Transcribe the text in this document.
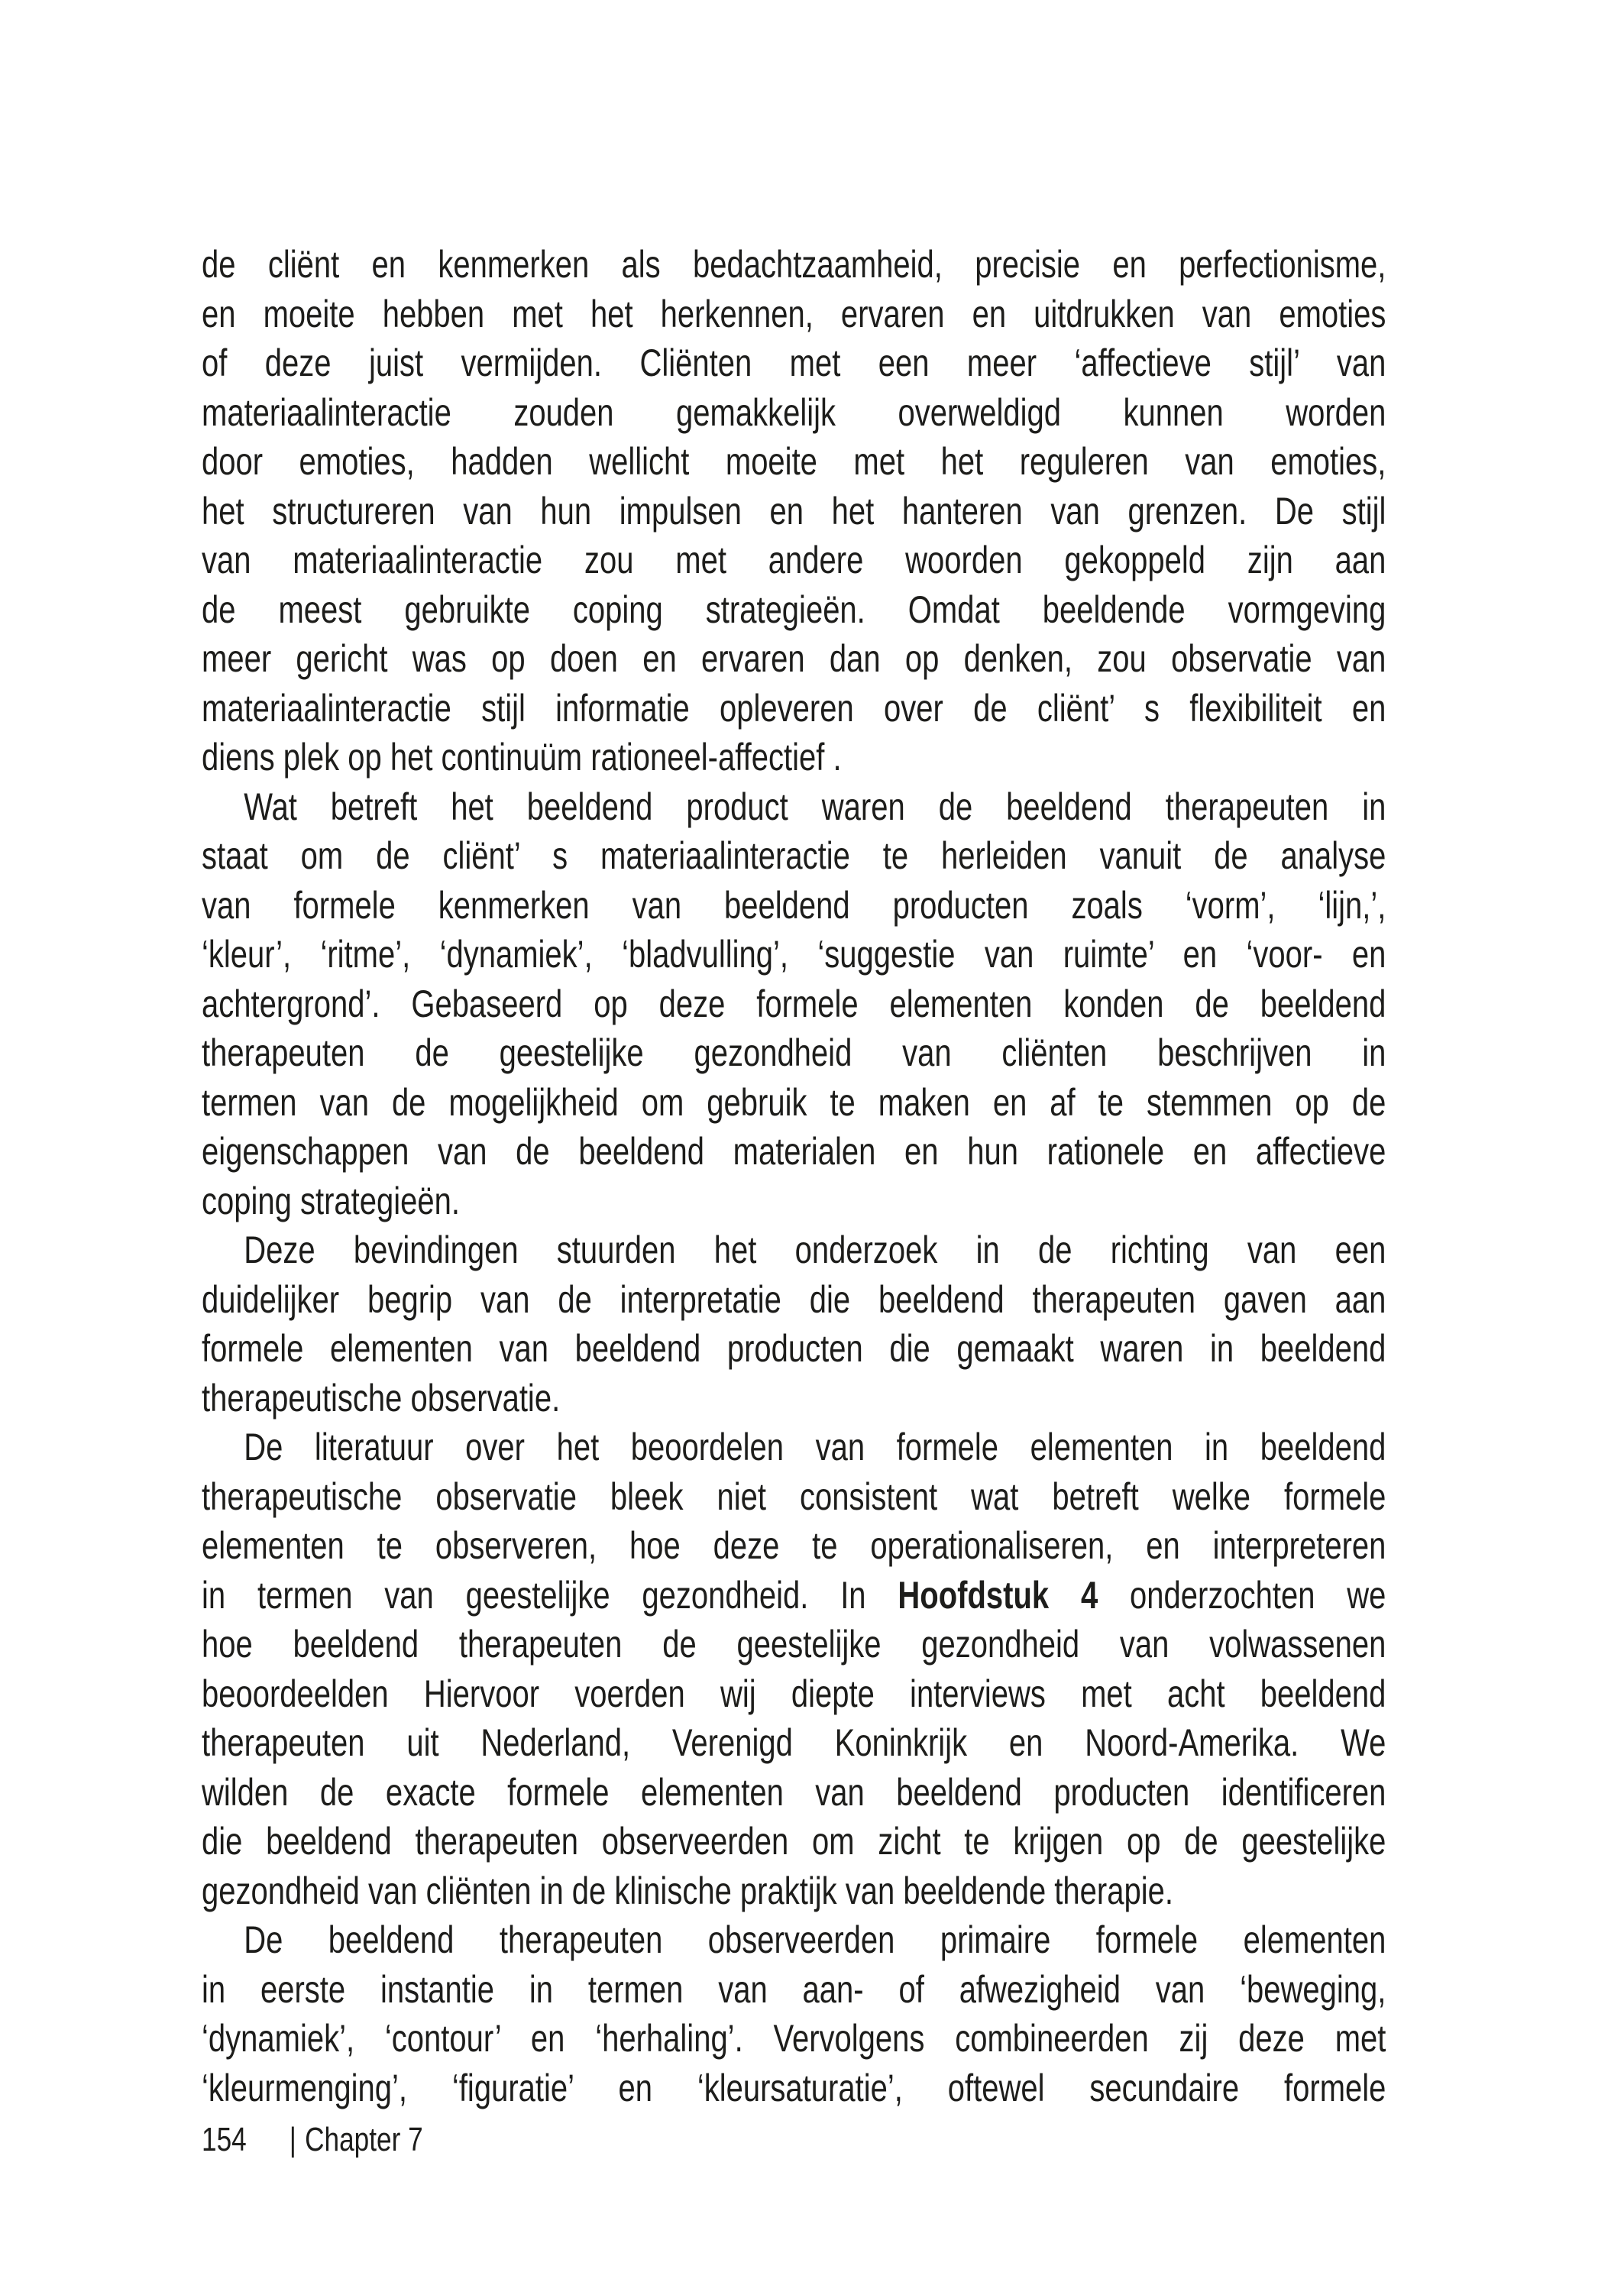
de cliënt en kenmerken als bedachtzaamheid, precisie en perfectionisme,
en moeite hebben met het herkennen, ervaren en uitdrukken van emoties
of deze juist vermijden. Cliënten met een meer ‘affectieve stijl’ van
materiaalinteractie zouden gemakkelijk overweldigd kunnen worden
door emoties, hadden wellicht moeite met het reguleren van emoties,
het structureren van hun impulsen en het hanteren van grenzen. De stijl
van materiaalinteractie zou met andere woorden gekoppeld zijn aan
de meest gebruikte coping strategieën. Omdat beeldende vormgeving
meer gericht was op doen en ervaren dan op denken, zou observatie van
materiaalinteractie stijl informatie opleveren over de cliënt’ s flexibiliteit en
diens plek op het continuüm rationeel-affectief .
Wat betreft het beeldend product waren de beeldend therapeuten in
staat om de cliënt’ s materiaalinteractie te herleiden vanuit de analyse
van formele kenmerken van beeldend producten zoals ‘vorm’, ‘lijn,’,
‘kleur’, ‘ritme’, ‘dynamiek’, ‘bladvulling’, ‘suggestie van ruimte’ en ‘voor- en
achtergrond’. Gebaseerd op deze formele elementen konden de beeldend
therapeuten de geestelijke gezondheid van cliënten beschrijven in
termen van de mogelijkheid om gebruik te maken en af te stemmen op de
eigenschappen van de beeldend materialen en hun rationele en affectieve
coping strategieën.
Deze bevindingen stuurden het onderzoek in de richting van een
duidelijker begrip van de interpretatie die beeldend therapeuten gaven aan
formele elementen van beeldend producten die gemaakt waren in beeldend
therapeutische observatie.
De literatuur over het beoordelen van formele elementen in beeldend
therapeutische observatie bleek niet consistent wat betreft welke formele
elementen te observeren, hoe deze te operationaliseren, en interpreteren
in termen van geestelijke gezondheid. In Hoofdstuk 4 onderzochten we
hoe beeldend therapeuten de geestelijke gezondheid van volwassenen
beoordeelden Hiervoor voerden wij diepte interviews met acht beeldend
therapeuten uit Nederland, Verenigd Koninkrijk en Noord-Amerika. We
wilden de exacte formele elementen van beeldend producten identificeren
die beeldend therapeuten observeerden om zicht te krijgen op de geestelijke
gezondheid van cliënten in de klinische praktijk van beeldende therapie.
De beeldend therapeuten observeerden primaire formele elementen
in eerste instantie in termen van aan- of afwezigheid van ‘beweging,
‘dynamiek’, ‘contour’ en ‘herhaling’. Vervolgens combineerden zij deze met
‘kleurmenging’, ‘figuratie’ en ‘kleursaturatie’, oftewel secundaire formele
154 | Chapter 7
